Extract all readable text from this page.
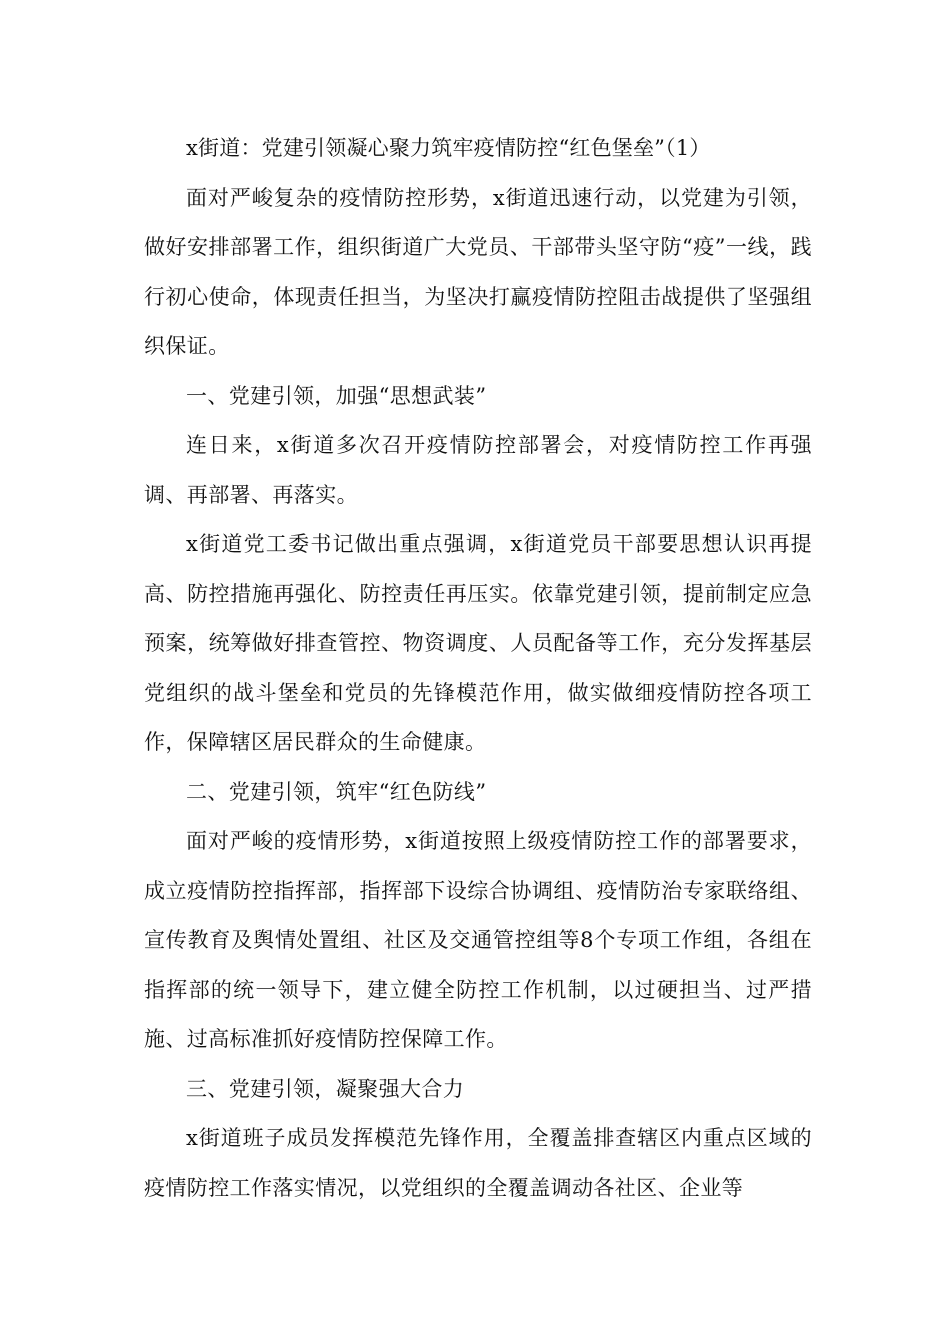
x街道：党建引领凝心聚力筑牢疫情防控“红色堡垒”（1）

面对严峻复杂的疫情防控形势，x街道迅速行动，以党建为引领，做好安排部署工作，组织街道广大党员、干部带头坚守防“疫”一线，践行初心使命，体现责任担当，为坚决打赢疫情防控阻击战提供了坚强组织保证。

一、党建引领，加强“思想武装”

连日来，x街道多次召开疫情防控部署会，对疫情防控工作再强调、再部署、再落实。

x街道党工委书记做出重点强调，x街道党员干部要思想认识再提高、防控措施再强化、防控责任再压实。依靠党建引领，提前制定应急预案，统筹做好排查管控、物资调度、人员配备等工作，充分发挥基层党组织的战斗堡垒和党员的先锋模范作用，做实做细疫情防控各项工作，保障辖区居民群众的生命健康。

二、党建引领，筑牢“红色防线”

面对严峻的疫情形势，x街道按照上级疫情防控工作的部署要求，成立疫情防控指挥部，指挥部下设综合协调组、疫情防治专家联络组、宣传教育及舆情处置组、社区及交通管控组等8个专项工作组，各组在指挥部的统一领导下，建立健全防控工作机制，以过硬担当、过严措施、过高标准抓好疫情防控保障工作。

三、党建引领，凝聚强大合力

x街道班子成员发挥模范先锋作用，全覆盖排查辖区内重点区域的疫情防控工作落实情况，以党组织的全覆盖调动各社区、企业等
